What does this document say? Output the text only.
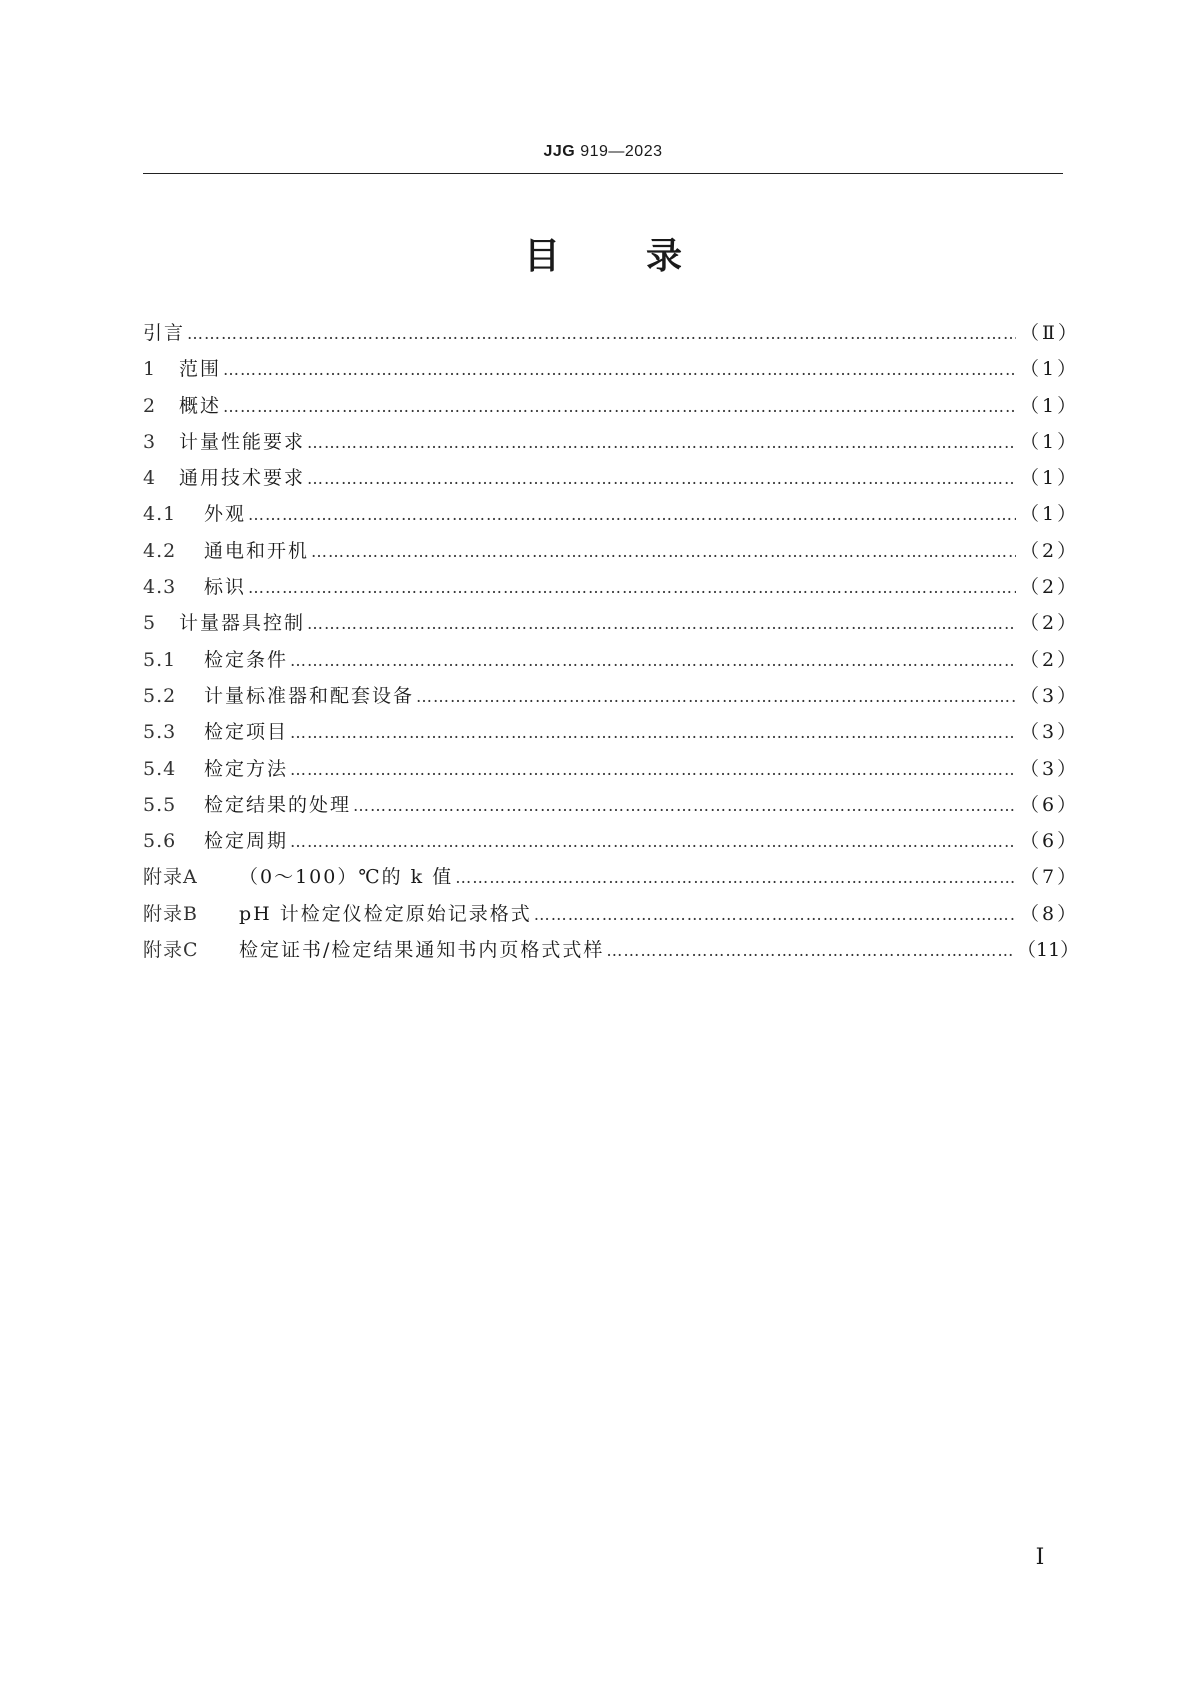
JJG 919—2023
目 录
引言 ………………………………………………………………………………………………………………………………………………………………………………………………………………………………………………	（Ⅱ）
1	范围 ………………………………………………………………………………………………………………………………………………………………………………………………………………………………………………	（1）
2	概述 ………………………………………………………………………………………………………………………………………………………………………………………………………………………………………………	（1）
3	计量性能要求 ………………………………………………………………………………………………………………………………………………………………………………………………………………………………………………	（1）
4	通用技术要求 ………………………………………………………………………………………………………………………………………………………………………………………………………………………………………………	（1）
4.1	外观 ………………………………………………………………………………………………………………………………………………………………………………………………………………………………………………	（1）
4.2	通电和开机 ………………………………………………………………………………………………………………………………………………………………………………………………………………………………………………	（2）
4.3	标识 ………………………………………………………………………………………………………………………………………………………………………………………………………………………………………………	（2）
5	计量器具控制 ………………………………………………………………………………………………………………………………………………………………………………………………………………………………………………	（2）
5.1	检定条件 ………………………………………………………………………………………………………………………………………………………………………………………………………………………………………………	（2）
5.2	计量标准器和配套设备 ………………………………………………………………………………………………………………………………………………………………………………………………………………………………………………	（3）
5.3	检定项目 ………………………………………………………………………………………………………………………………………………………………………………………………………………………………………………	（3）
5.4	检定方法 ………………………………………………………………………………………………………………………………………………………………………………………………………………………………………………	（3）
5.5	检定结果的处理 ………………………………………………………………………………………………………………………………………………………………………………………………………………………………………………	（6）
5.6	检定周期 ………………………………………………………………………………………………………………………………………………………………………………………………………………………………………………	（6）
附录A	（0～100）℃的 k 值 ………………………………………………………………………………………………………………………………………………………………………………………………………………………………………………	（7）
附录B	pH 计检定仪检定原始记录格式 ………………………………………………………………………………………………………………………………………………………………………………………………………………………………………………	（8）
附录C	检定证书/检定结果通知书内页格式式样 ………………………………………………………………………………………………………………………………………………………………………………………………………………………………………………	（11）
Ⅰ
